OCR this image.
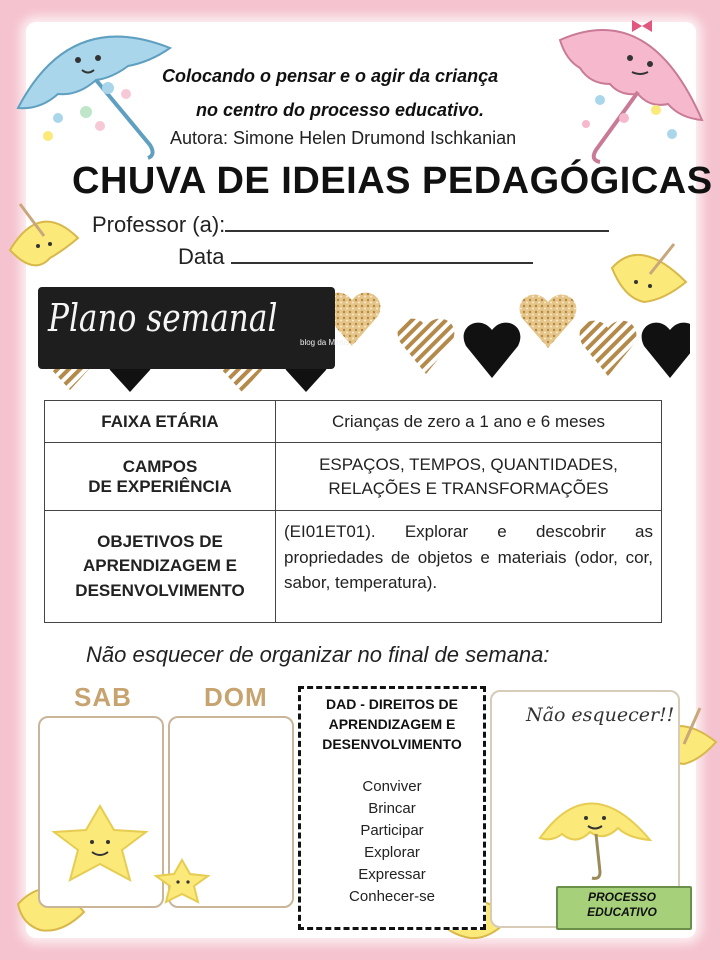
Colocando o pensar e o agir da criança
no centro do processo educativo.
Autora: Simone Helen Drumond Ischkanian
CHUVA DE IDEIAS PEDAGÓGICAS
Professor (a):
Data
Plano semanal
blog da Mimis
FAIXA ETÁRIA	Crianças de zero a 1 ano e 6 meses
CAMPOS
DE EXPERIÊNCIA	ESPAÇOS, TEMPOS, QUANTIDADES,
RELAÇÕES E TRANSFORMAÇÕES
OBJETIVOS DE
APRENDIZAGEM E
DESENVOLVIMENTO	(EI01ET01). Explorar e descobrir as propriedades de objetos e materiais (odor, cor, sabor, temperatura).
Não esquecer de organizar no final de semana:
SAB	DOM	DAD - DIREITOS DE APRENDIZAGEM E DESENVOLVIMENTO
Conviver
Brincar
Participar
Explorar
Expressar
Conhecer-se
Não esquecer!!
PROCESSO EDUCATIVO
